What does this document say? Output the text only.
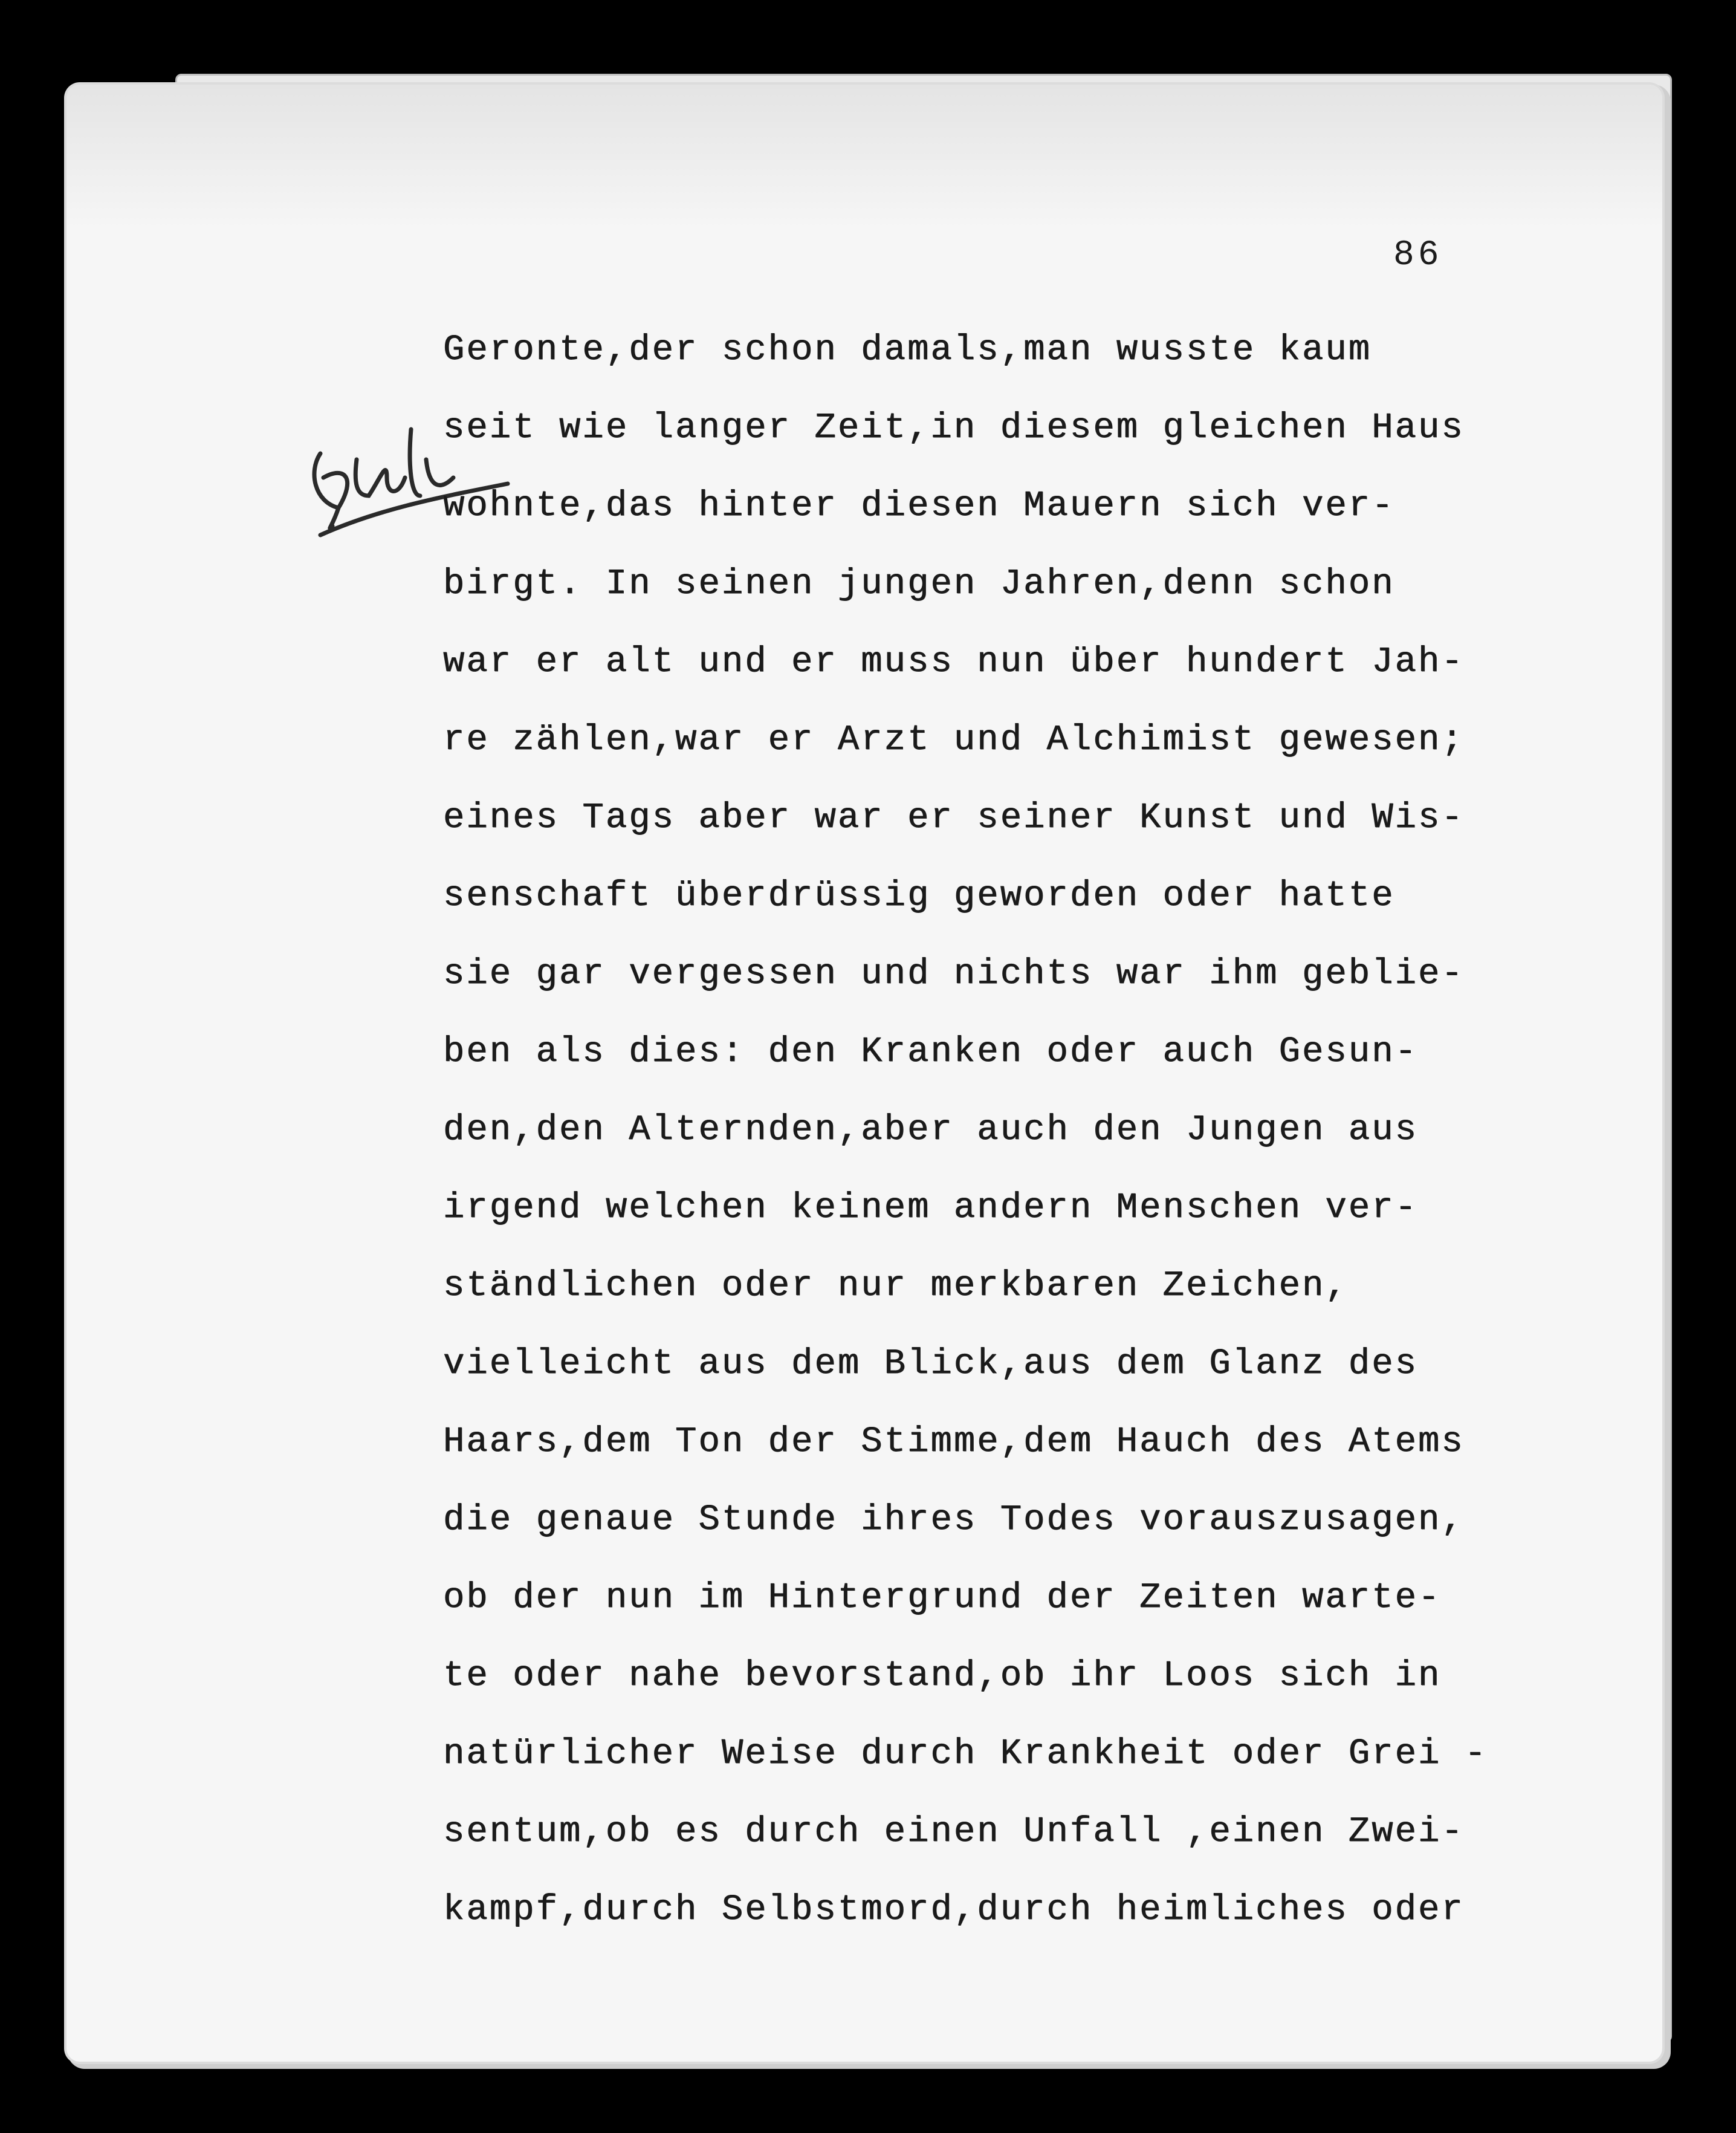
86
Geronte,der schon damals,man wusste kaum
seit wie langer Zeit,in diesem gleichen Haus
wohnte,das hinter diesen Mauern sich ver-
birgt. In seinen jungen Jahren,denn schon
war er alt und er muss nun über hundert Jah-
re zählen,war er Arzt und Alchimist gewesen;
eines Tags aber war er seiner Kunst und Wis-
senschaft überdrüssig geworden oder hatte
sie gar vergessen und nichts war ihm geblie-
ben als dies: den Kranken oder auch Gesun-
den,den Alternden,aber auch den Jungen aus
irgend welchen keinem andern Menschen ver-
ständlichen oder nur merkbaren Zeichen,
vielleicht aus dem Blick,aus dem Glanz des
Haars,dem Ton der Stimme,dem Hauch des Atems
die genaue Stunde ihres Todes vorauszusagen,
ob der nun im Hintergrund der Zeiten warte-
te oder nahe bevorstand,ob ihr Loos sich in
natürlicher Weise durch Krankheit oder Grei -
sentum,ob es durch einen Unfall ,einen Zwei-
kampf,durch Selbstmord,durch heimliches oder
